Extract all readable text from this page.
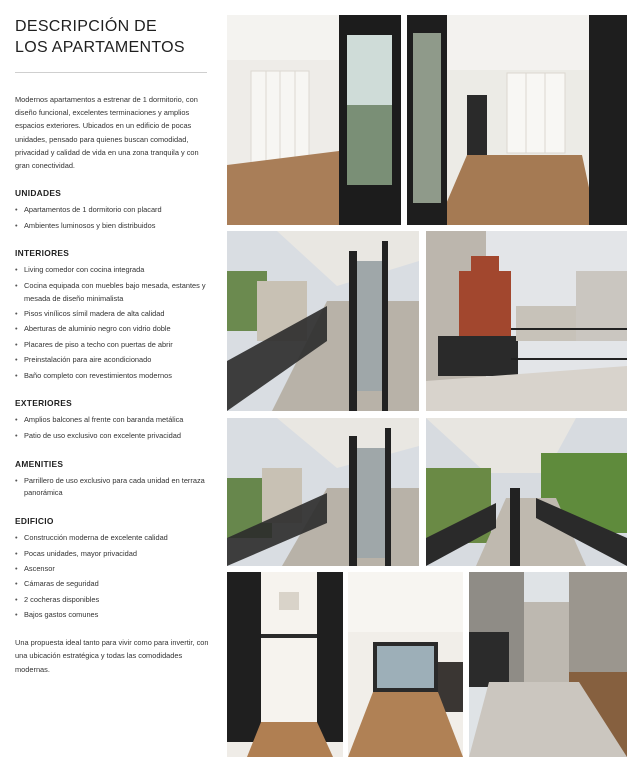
DESCRIPCIÓN DE
LOS APARTAMENTOS

Modernos apartamentos a estrenar de 1 dormitorio, con diseño funcional, excelentes terminaciones y amplios espacios exteriores. Ubicados en un edificio de pocas unidades, pensado para quienes buscan comodidad, privacidad y calidad de vida en una zona tranquila y con gran conectividad.

UNIDADES
• Apartamentos de 1 dormitorio con placard
• Ambientes luminosos y bien distribuidos
INTERIORES
• Living comedor con cocina integrada
• Cocina equipada con muebles bajo mesada, estantes y mesada de diseño minimalista
• Pisos vinílicos símil madera de alta calidad
• Aberturas de aluminio negro con vidrio doble
• Placares de piso a techo con puertas de abrir
• Preinstalación para aire acondicionado
• Baño completo con revestimientos modernos
EXTERIORES
• Amplios balcones al frente con baranda metálica
• Patio de uso exclusivo con excelente privacidad
AMENITIES
• Parrillero de uso exclusivo para cada unidad en terraza panorámica
EDIFICIO
• Construcción moderna de excelente calidad
• Pocas unidades, mayor privacidad
• Ascensor
• Cámaras de seguridad
• 2 cocheras disponibles
• Bajos gastos comunes

Una propuesta ideal tanto para vivir como para invertir, con una ubicación estratégica y todas las comodidades modernas.
